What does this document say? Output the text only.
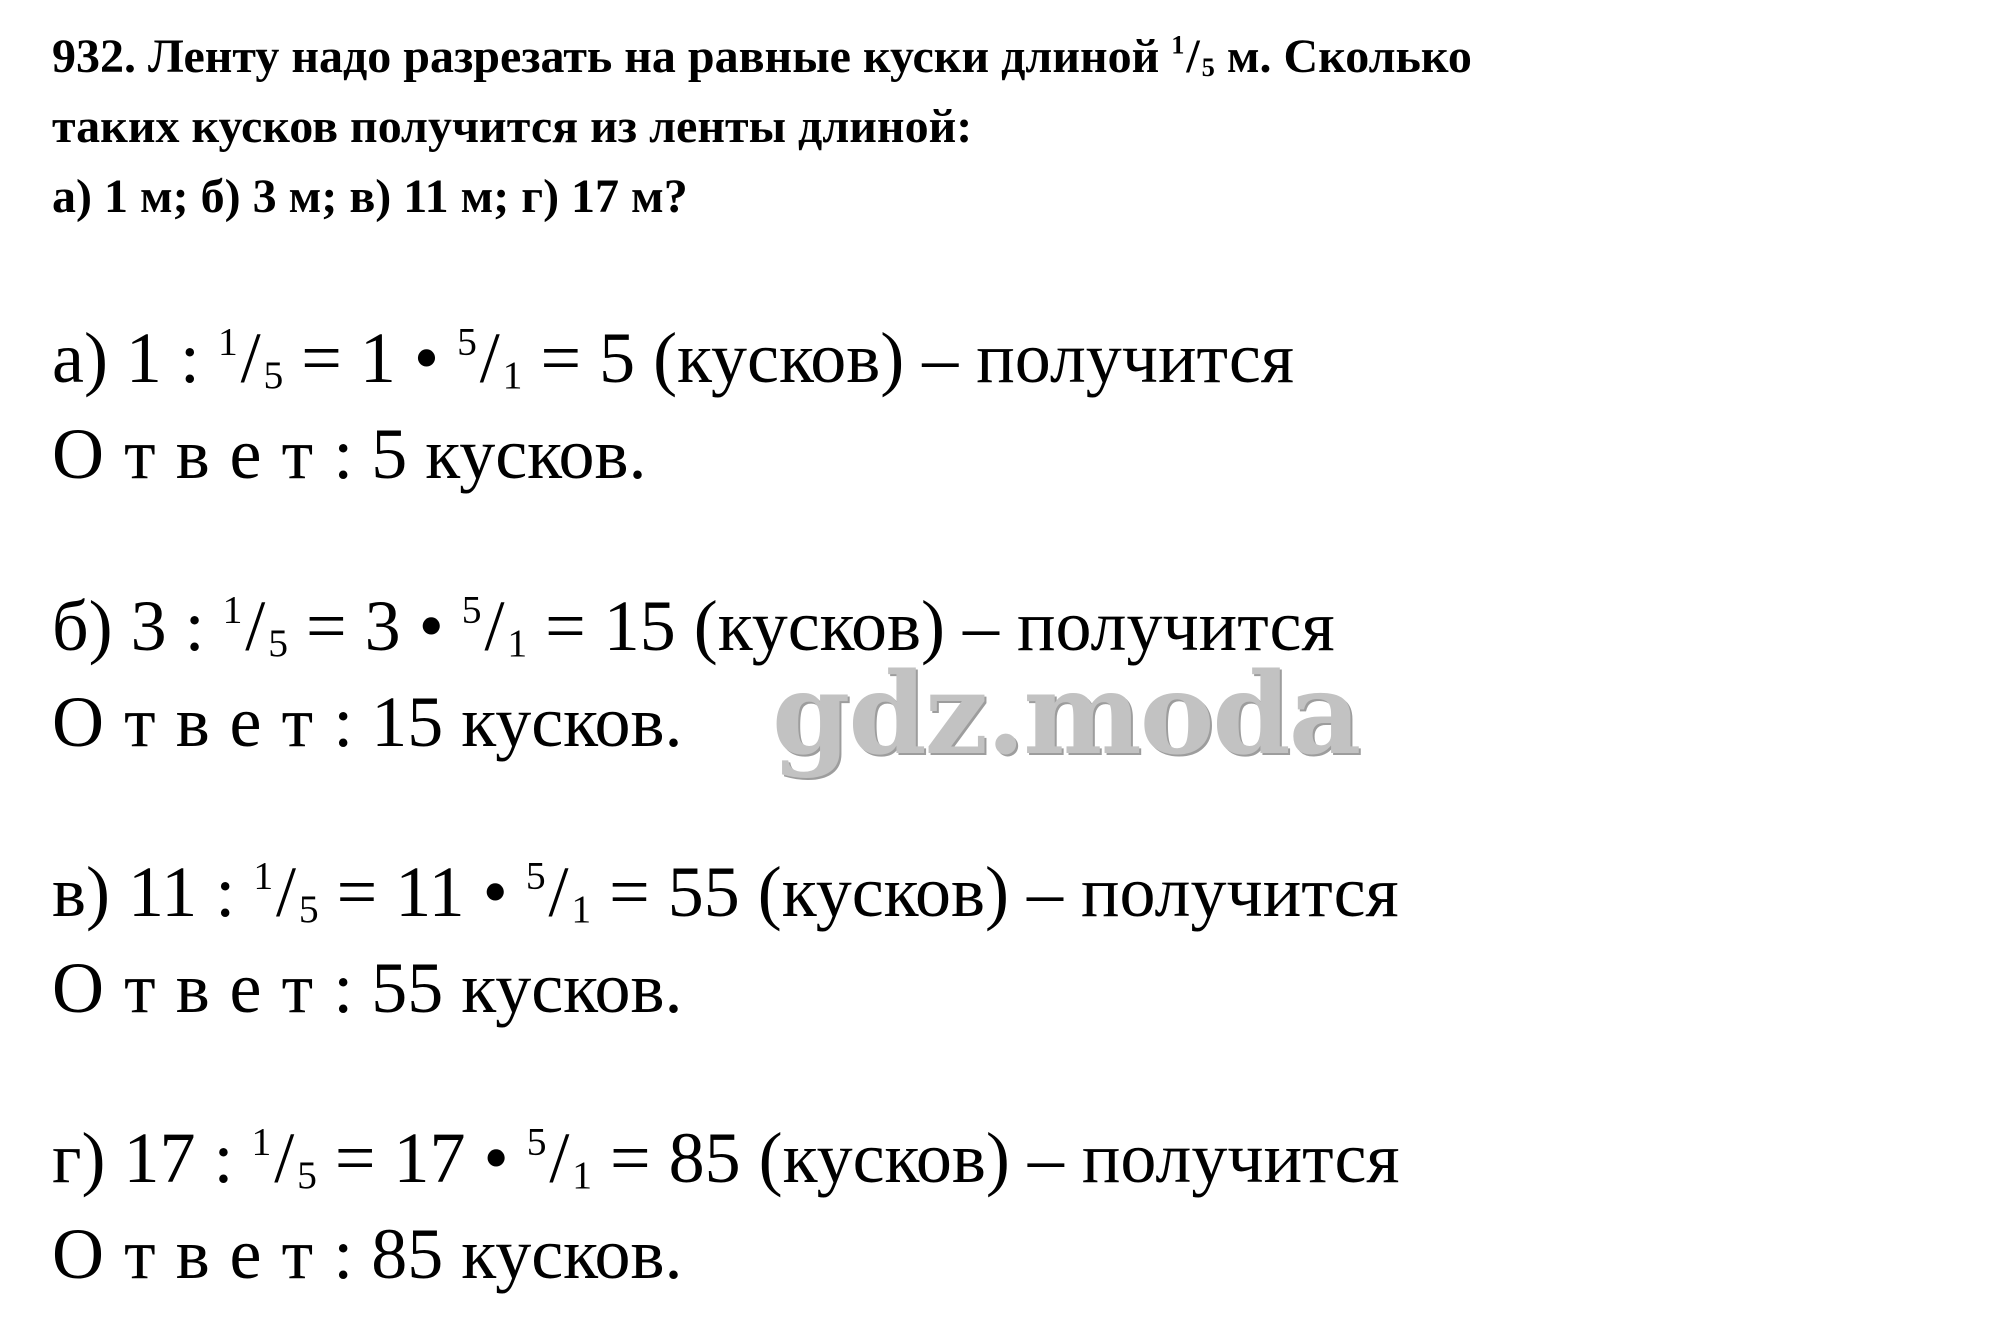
932. Ленту надо разрезать на равные куски длиной $^1$/5 м. Сколько
таких кусков получится из ленты длиной:
а) 1 м; б) 3 м; в) 11 м; г) 17 м?
а) 1 : $^1$/5 = 1 • $^5$/1 = 5 (кусков) – получится
Ответ: 5 кусков.
б) 3 : $^1$/5 = 3 • $^5$/1 = 15 (кусков) – получится
Ответ: 15 кусков.
в) 11 : $^1$/5 = 11 • $^5$/1 = 55 (кусков) – получится
Ответ: 55 кусков.
г) 17 : $^1$/5 = 17 • $^5$/1 = 85 (кусков) – получится
Ответ: 85 кусков.
gdz.moda
